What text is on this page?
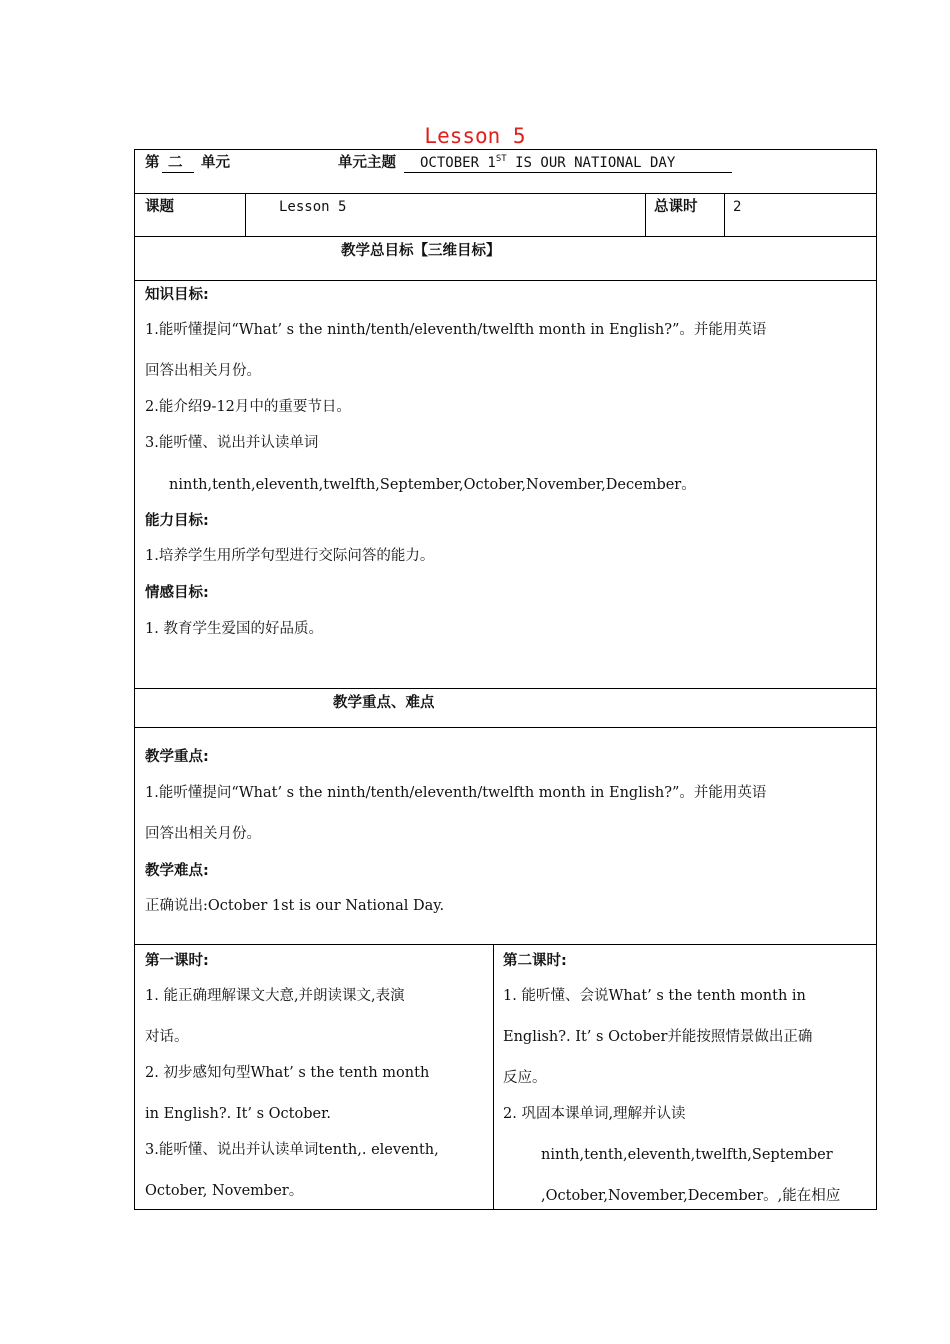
Lesson 5
第 二 单元	单元主题 OCTOBER 1ST IS OUR NATIONAL DAY
课题	Lesson 5	总课时	2
教学总目标【三维目标】
知识目标:
1.能听懂提问“What’ s the ninth/tenth/eleventh/twelfth month in English?”。并能用英语
回答出相关月份。
2.能介绍9-12月中的重要节日。
3.能听懂、说出并认读单词
ninth,tenth,eleventh,twelfth,September,October,November,December。
能力目标:
1.培养学生用所学句型进行交际问答的能力。
情感目标:
1. 教育学生爱国的好品质。
教学重点、难点
教学重点:
1.能听懂提问“What’ s the ninth/tenth/eleventh/twelfth month in English?”。并能用英语
回答出相关月份。
教学难点:
正确说出:October 1st is our National Day.
第一课时:
1. 能正确理解课文大意,并朗读课文,表演
对话。
2. 初步感知句型What’ s the tenth month
in English?. It’ s October.
3.能听懂、说出并认读单词tenth,. eleventh,
October, November。
第二课时:
1. 能听懂、会说What’ s the tenth month in
English?. It’ s October并能按照情景做出正确
反应。
2. 巩固本课单词,理解并认读
ninth,tenth,eleventh,twelfth,September
,October,November,December。,能在相应
